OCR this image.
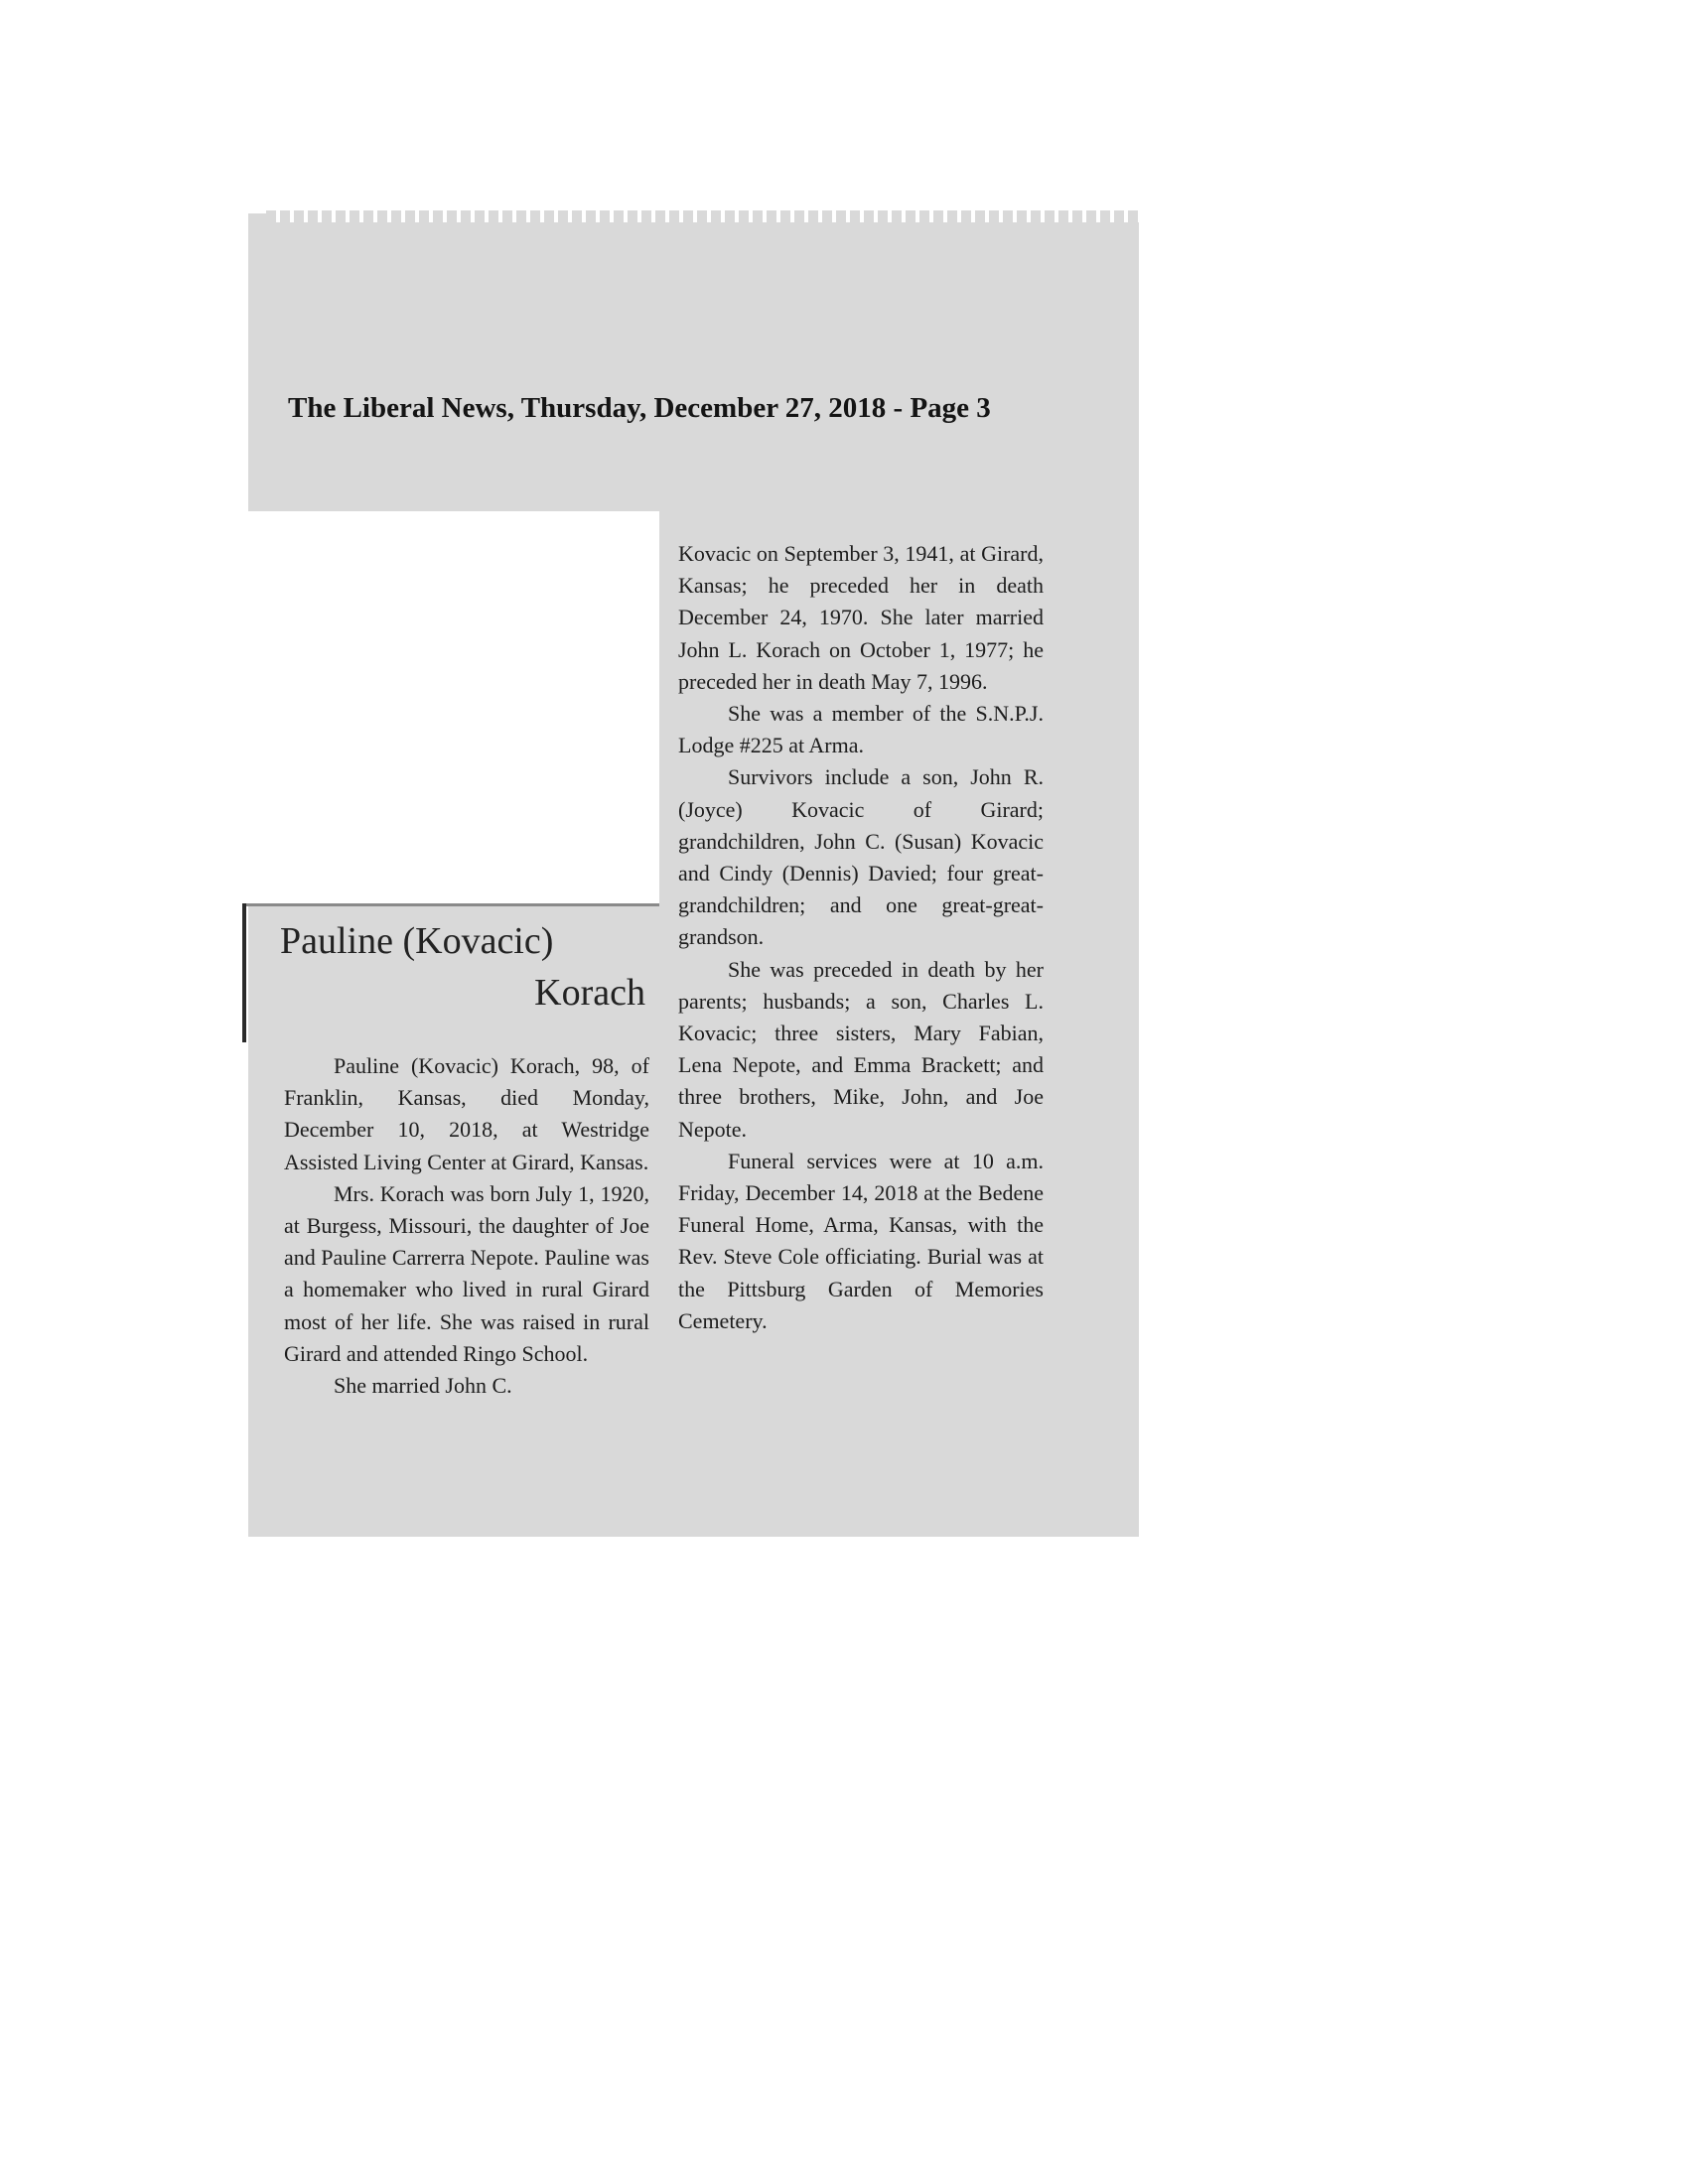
The Liberal News, Thursday, December 27, 2018 - Page 3
Pauline (Kovacic)
Korach

Pauline (Kovacic) Korach, 98, of Franklin, Kansas, died Monday, December 10, 2018, at Westridge Assisted Living Center at Girard, Kansas.

Mrs. Korach was born July 1, 1920, at Burgess, Missouri, the daughter of Joe and Pauline Carrerra Nepote. Pauline was a homemaker who lived in rural Girard most of her life. She was raised in rural Girard and attended Ringo School.

She married John C.

Kovacic on September 3, 1941, at Girard, Kansas; he preceded her in death December 24, 1970. She later married John L. Korach on October 1, 1977; he preceded her in death May 7, 1996.

She was a member of the S.N.P.J. Lodge #225 at Arma.

Survivors include a son, John R. (Joyce) Kovacic of Girard; grandchildren, John C. (Susan) Kovacic and Cindy (Dennis) Davied; four great-grandchildren; and one great-great-grandson.

She was preceded in death by her parents; husbands; a son, Charles L. Kovacic; three sisters, Mary Fabian, Lena Nepote, and Emma Brackett; and three brothers, Mike, John, and Joe Nepote.

Funeral services were at 10 a.m. Friday, December 14, 2018 at the Bedene Funeral Home, Arma, Kansas, with the Rev. Steve Cole officiating. Burial was at the Pittsburg Garden of Memories Cemetery.
